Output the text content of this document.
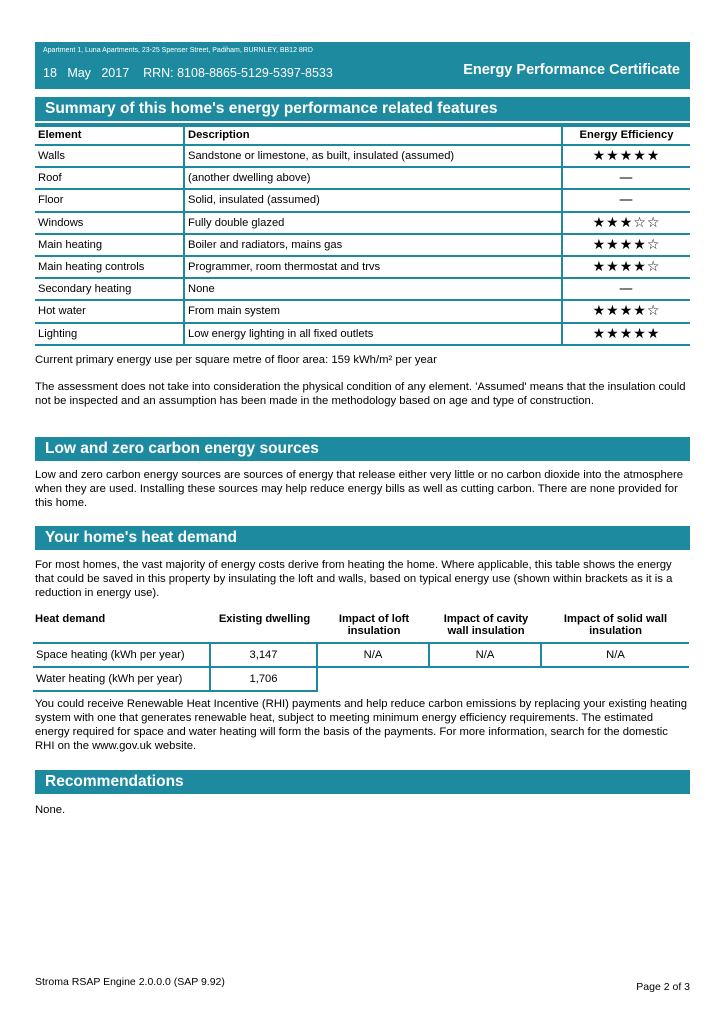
Apartment 1, Luna Apartments, 23-25 Spenser Street, Padiham, BURNLEY, BB12 8RD
18   May   2017 RRN: 8108-8865-5129-5397-8533	Energy Performance Certificate
Summary of this home's energy performance related features
Element	Description	Energy Efficiency
Walls	Sandstone or limestone, as built, insulated (assumed)	★★★★★
Roof	(another dwelling above)	—
Floor	Solid, insulated (assumed)	—
Windows	Fully double glazed	★★★☆☆
Main heating	Boiler and radiators, mains gas	★★★★☆
Main heating controls	Programmer, room thermostat and trvs	★★★★☆
Secondary heating	None	—
Hot water	From main system	★★★★☆
Lighting	Low energy lighting in all fixed outlets	★★★★★
Current primary energy use per square metre of floor area: 159 kWh/m² per year
The assessment does not take into consideration the physical condition of any element. 'Assumed' means that the insulation could not be inspected and an assumption has been made in the methodology based on age and type of construction.
Low and zero carbon energy sources
Low and zero carbon energy sources are sources of energy that release either very little or no carbon dioxide into the atmosphere when they are used. Installing these sources may help reduce energy bills as well as cutting carbon. There are none provided for this home.
Your home's heat demand
For most homes, the vast majority of energy costs derive from heating the home. Where applicable, this table shows the energy that could be saved in this property by insulating the loft and walls, based on typical energy use (shown within brackets as it is a reduction in energy use).
Heat demand	Existing dwelling	Impact of loft insulation	Impact of cavity wall insulation	Impact of solid wall insulation
Space heating (kWh per year)	3,147	N/A	N/A	N/A
Water heating (kWh per year)	1,706			
You could receive Renewable Heat Incentive (RHI) payments and help reduce carbon emissions by replacing your existing heating system with one that generates renewable heat, subject to meeting minimum energy efficiency requirements. The estimated energy required for space and water heating will form the basis of the payments. For more information, search for the domestic RHI on the www.gov.uk website.
Recommendations
None.
Stroma RSAP Engine 2.0.0.0 (SAP 9.92)	Page 2 of 3
